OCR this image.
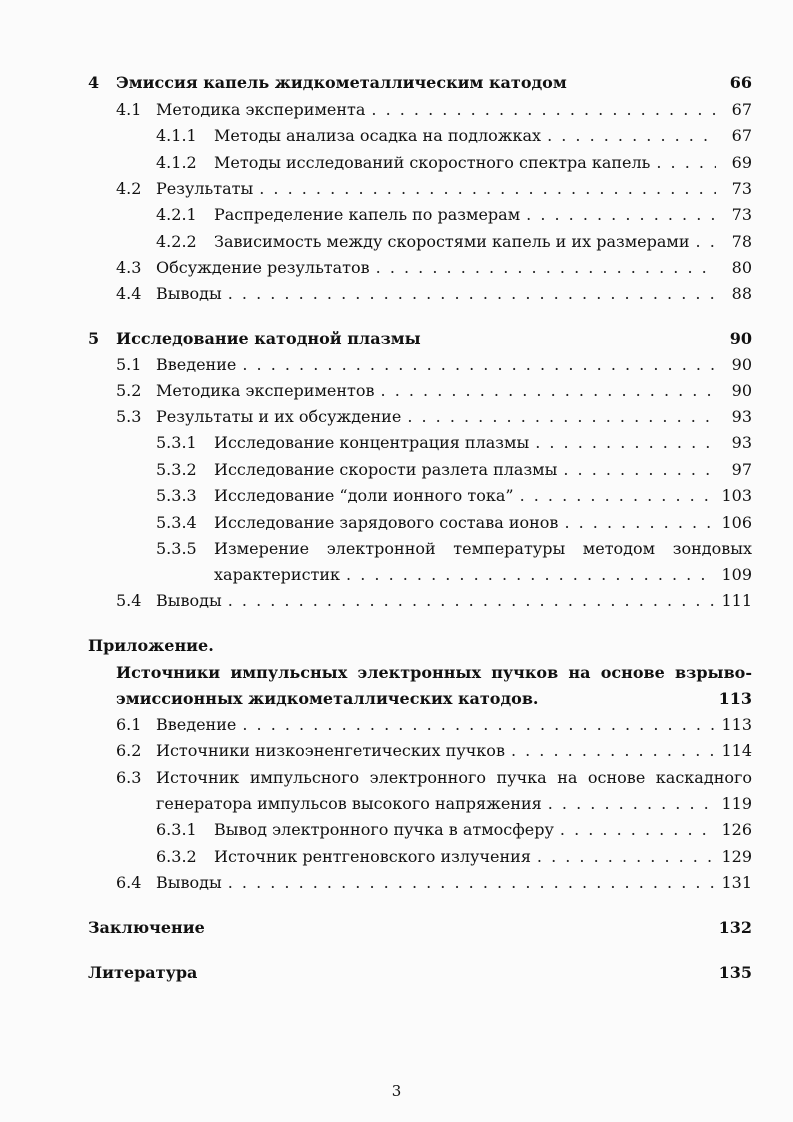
4 Эмиссия капель жидкометаллическим катодом	66
4.1 Методика эксперимента . . .	67
4.1.1 Методы анализа осадка на подложках . . .	67
4.1.2 Методы исследований скоростного спектра капель . . .	69
4.2 Результаты . . .	73
4.2.1 Распределение капель по размерам . . .	73
4.2.2 Зависимость между скоростями капель и их размерами . . .	78
4.3 Обсуждение результатов . . .	80
4.4 Выводы . . .	88
5 Исследование катодной плазмы	90
5.1 Введение . . .	90
5.2 Методика экспериментов . . .	90
5.3 Результаты и их обсуждение . . .	93
5.3.1 Исследование концентрация плазмы . . .	93
5.3.2 Исследование скорости разлета плазмы . . .	97
5.3.3 Исследование “доли ионного тока” . . .	103
5.3.4 Исследование зарядового состава ионов . . .	106
5.3.5 Измерение электронной температуры методом зондовых
характеристик . . .	109
5.4 Выводы . . .	111
Приложение.
Источники импульсных электронных пучков на основе взрыво-
эмиссионных жидкометаллических катодов.	113
6.1 Введение . . .	113
6.2 Источники низкоэненгетических пучков . . .	114
6.3 Источник импульсного электронного пучка на основе каскадного
генератора импульсов высокого напряжения . . .	119
6.3.1 Вывод электронного пучка в атмосферу . . .	126
6.3.2 Источник рентгеновского излучения . . .	129
6.4 Выводы . . .	131
Заключение	132
Литература	135
3
